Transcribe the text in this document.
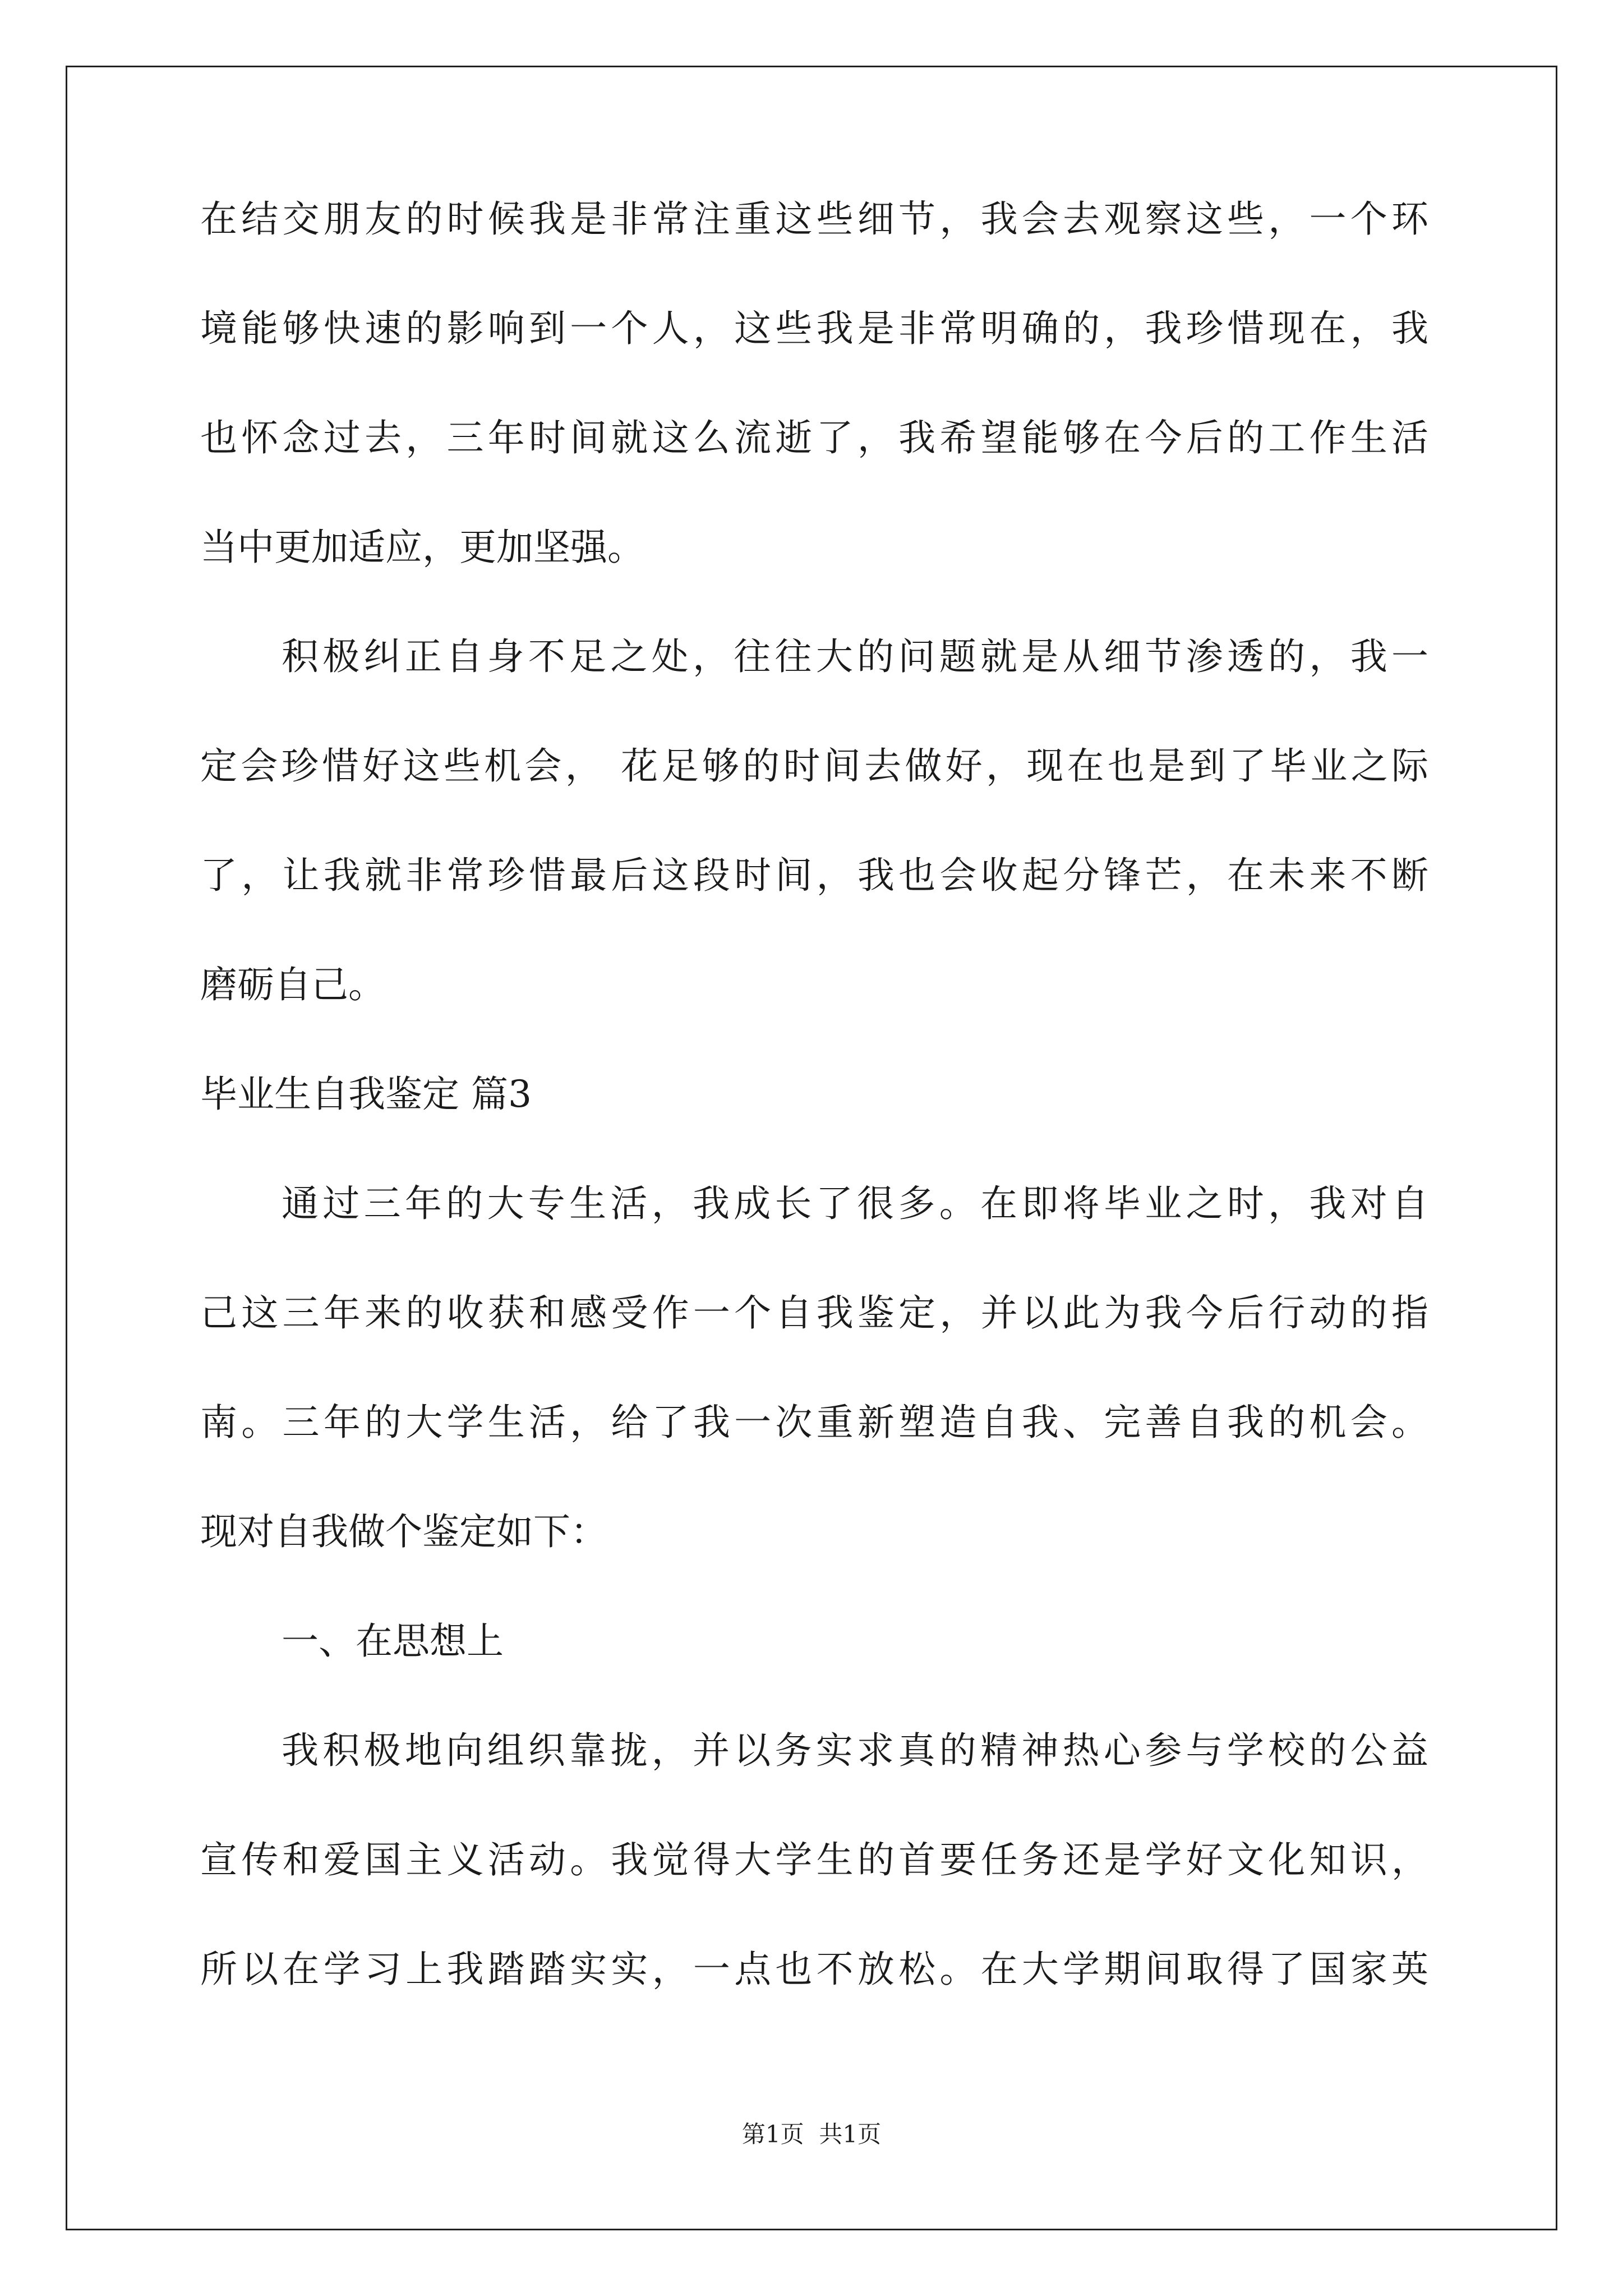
在结交朋友的时候我是非常注重这些细节，我会去观察这些，一个环
境能够快速的影响到一个人，这些我是非常明确的，我珍惜现在，我
也怀念过去，三年时间就这么流逝了，我希望能够在今后的工作生活
当中更加适应，更加坚强。
积极纠正自身不足之处，往往大的问题就是从细节渗透的，我一
定会珍惜好这些机会， 花足够的时间去做好，现在也是到了毕业之际
了，让我就非常珍惜最后这段时间，我也会收起分锋芒，在未来不断
磨砺自己。
毕业生自我鉴定 篇3
通过三年的大专生活，我成长了很多。在即将毕业之时，我对自
己这三年来的收获和感受作一个自我鉴定，并以此为我今后行动的指
南。三年的大学生活，给了我一次重新塑造自我、完善自我的机会。
现对自我做个鉴定如下：
一、在思想上
我积极地向组织靠拢，并以务实求真的精神热心参与学校的公益
宣传和爱国主义活动。我觉得大学生的首要任务还是学好文化知识，
所以在学习上我踏踏实实，一点也不放松。在大学期间取得了国家英
第1页  共1页
